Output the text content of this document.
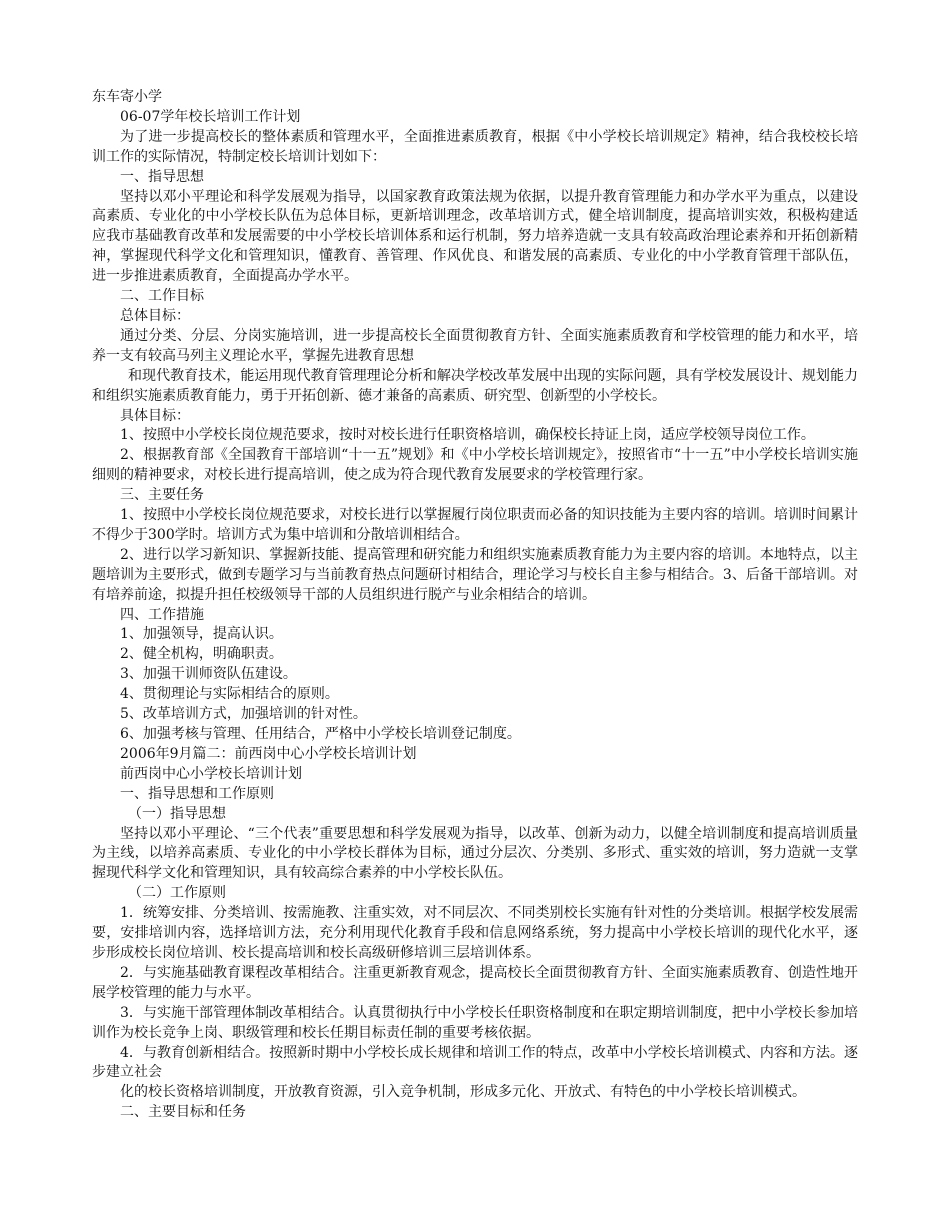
东车寄小学

06-07学年校长培训工作计划

为了进一步提高校长的整体素质和管理水平，全面推进素质教育，根据《中小学校长培训规定》精神，结合我校校长培训工作的实际情况，特制定校长培训计划如下：

一、指导思想

坚持以邓小平理论和科学发展观为指导，以国家教育政策法规为依据，以提升教育管理能力和办学水平为重点，以建设高素质、专业化的中小学校长队伍为总体目标，更新培训理念，改革培训方式，健全培训制度，提高培训实效，积极构建适应我市基础教育改革和发展需要的中小学校长培训体系和运行机制，努力培养造就一支具有较高政治理论素养和开拓创新精神，掌握现代科学文化和管理知识，懂教育、善管理、作风优良、和谐发展的高素质、专业化的中小学教育管理干部队伍，进一步推进素质教育，全面提高办学水平。

二、工作目标

总体目标：

通过分类、分层、分岗实施培训，进一步提高校长全面贯彻教育方针、全面实施素质教育和学校管理的能力和水平，培养一支有较高马列主义理论水平，掌握先进教育思想

和现代教育技术，能运用现代教育管理理论分析和解决学校改革发展中出现的实际问题，具有学校发展设计、规划能力和组织实施素质教育能力，勇于开拓创新、德才兼备的高素质、研究型、创新型的小学校长。

具体目标：

1、按照中小学校长岗位规范要求，按时对校长进行任职资格培训，确保校长持证上岗，适应学校领导岗位工作。

2、根据教育部《全国教育干部培训“十一五”规划》和《中小学校长培训规定》，按照省市“十一五”中小学校长培训实施细则的精神要求，对校长进行提高培训，使之成为符合现代教育发展要求的学校管理行家。

三、主要任务

1、按照中小学校长岗位规范要求，对校长进行以掌握履行岗位职责而必备的知识技能为主要内容的培训。培训时间累计不得少于300学时。培训方式为集中培训和分散培训相结合。

2、进行以学习新知识、掌握新技能、提高管理和研究能力和组织实施素质教育能力为主要内容的培训。本地特点，以主题培训为主要形式，做到专题学习与当前教育热点问题研讨相结合，理论学习与校长自主参与相结合。3、后备干部培训。对有培养前途，拟提升担任校级领导干部的人员组织进行脱产与业余相结合的培训。

四、工作措施

1、加强领导，提高认识。

2、健全机构，明确职责。

3、加强干训师资队伍建设。

4、贯彻理论与实际相结合的原则。

5、改革培训方式，加强培训的针对性。

6、加强考核与管理、任用结合，严格中小学校长培训登记制度。

2006年9月篇二：前西岗中心小学校长培训计划

前西岗中心小学校长培训计划

一、指导思想和工作原则

（一）指导思想

坚持以邓小平理论、“三个代表”重要思想和科学发展观为指导，以改革、创新为动力，以健全培训制度和提高培训质量为主线，以培养高素质、专业化的中小学校长群体为目标，通过分层次、分类别、多形式、重实效的培训，努力造就一支掌握现代科学文化和管理知识，具有较高综合素养的中小学校长队伍。

（二）工作原则

1．统筹安排、分类培训、按需施教、注重实效，对不同层次、不同类别校长实施有针对性的分类培训。根据学校发展需要，安排培训内容，选择培训方法，充分利用现代化教育手段和信息网络系统，努力提高中小学校长培训的现代化水平，逐步形成校长岗位培训、校长提高培训和校长高级研修培训三层培训体系。

2．与实施基础教育课程改革相结合。注重更新教育观念，提高校长全面贯彻教育方针、全面实施素质教育、创造性地开展学校管理的能力与水平。

3．与实施干部管理体制改革相结合。认真贯彻执行中小学校长任职资格制度和在职定期培训制度，把中小学校长参加培训作为校长竞争上岗、职级管理和校长任期目标责任制的重要考核依据。

4．与教育创新相结合。按照新时期中小学校长成长规律和培训工作的特点，改革中小学校长培训模式、内容和方法。逐步建立社会

化的校长资格培训制度，开放教育资源，引入竞争机制，形成多元化、开放式、有特色的中小学校长培训模式。

二、主要目标和任务
